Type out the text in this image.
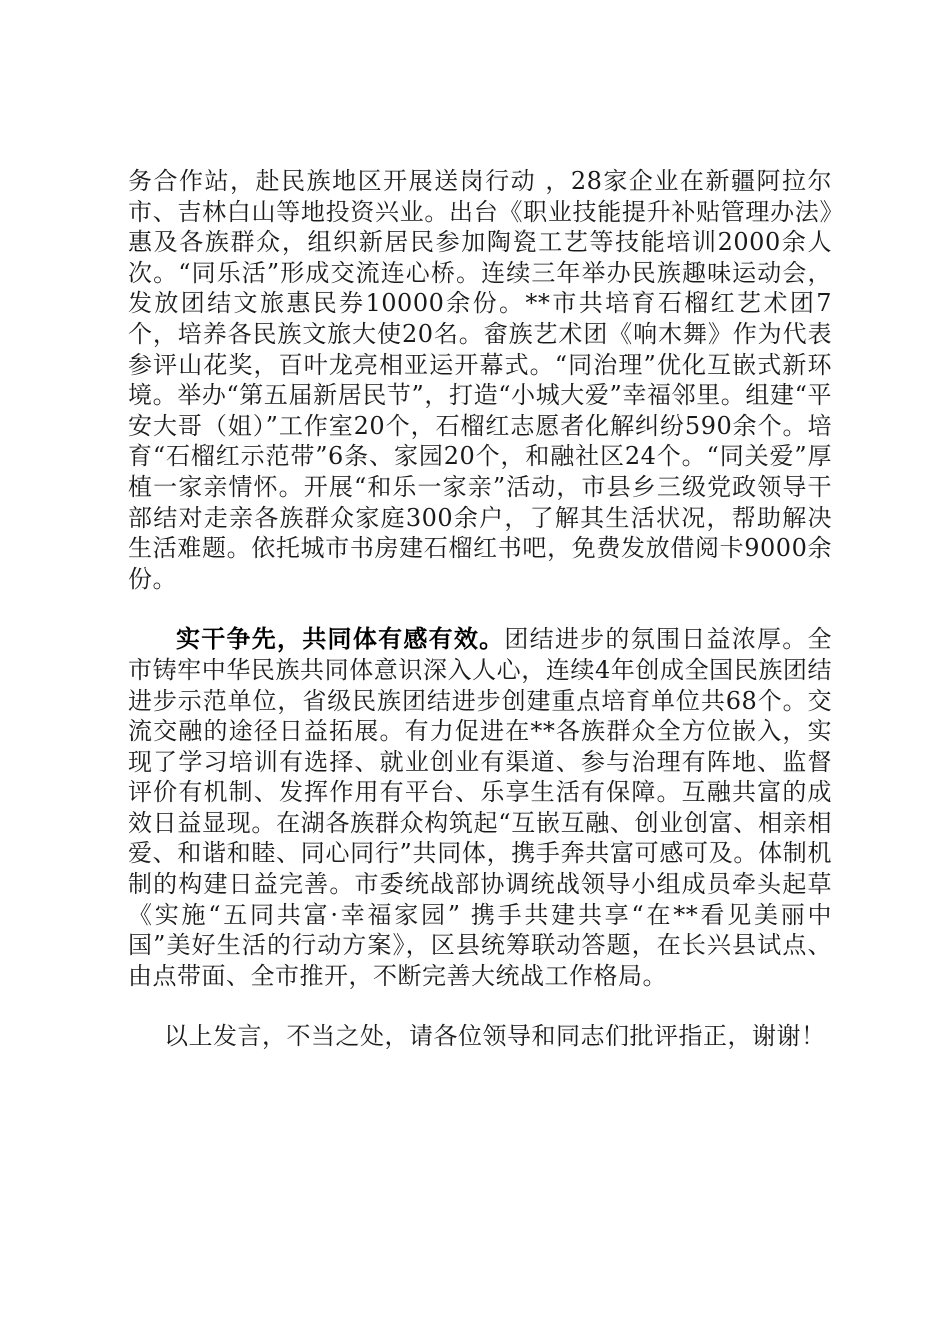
务合作站，赴民族地区开展送岗行动 ，28家企业在新疆阿拉尔市、吉林白山等地投资兴业。出台《职业技能提升补贴管理办法》惠及各族群众，组织新居民参加陶瓷工艺等技能培训2000余人次。“同乐活”形成交流连心桥。连续三年举办民族趣味运动会，发放团结文旅惠民券10000余份。**市共培育石榴红艺术团7个，培养各民族文旅大使20名。畲族艺术团《响木舞》作为代表参评山花奖，百叶龙亮相亚运开幕式。“同治理”优化互嵌式新环境。举办“第五届新居民节”，打造“小城大爱”幸福邻里。组建“平安大哥（姐）”工作室20个，石榴红志愿者化解纠纷590余个。培育“石榴红示范带”6条、家园20个，和融社区24个。“同关爱”厚植一家亲情怀。开展“和乐一家亲”活动，市县乡三级党政领导干部结对走亲各族群众家庭300余户，了解其生活状况，帮助解决生活难题。依托城市书房建石榴红书吧，免费发放借阅卡9000余份。

实干争先，共同体有感有效。团结进步的氛围日益浓厚。全市铸牢中华民族共同体意识深入人心，连续4年创成全国民族团结进步示范单位，省级民族团结进步创建重点培育单位共68个。交流交融的途径日益拓展。有力促进在**各族群众全方位嵌入，实现了学习培训有选择、就业创业有渠道、参与治理有阵地、监督评价有机制、发挥作用有平台、乐享生活有保障。互融共富的成效日益显现。在湖各族群众构筑起“互嵌互融、创业创富、相亲相爱、和谐和睦、同心同行”共同体，携手奔共富可感可及。体制机制的构建日益完善。市委统战部协调统战领导小组成员牵头起草《实施“五同共富·幸福家园” 携手共建共享“在**看见美丽中国”美好生活的行动方案》，区县统筹联动答题，在长兴县试点、由点带面、全市推开，不断完善大统战工作格局。

以上发言，不当之处，请各位领导和同志们批评指正，谢谢！
